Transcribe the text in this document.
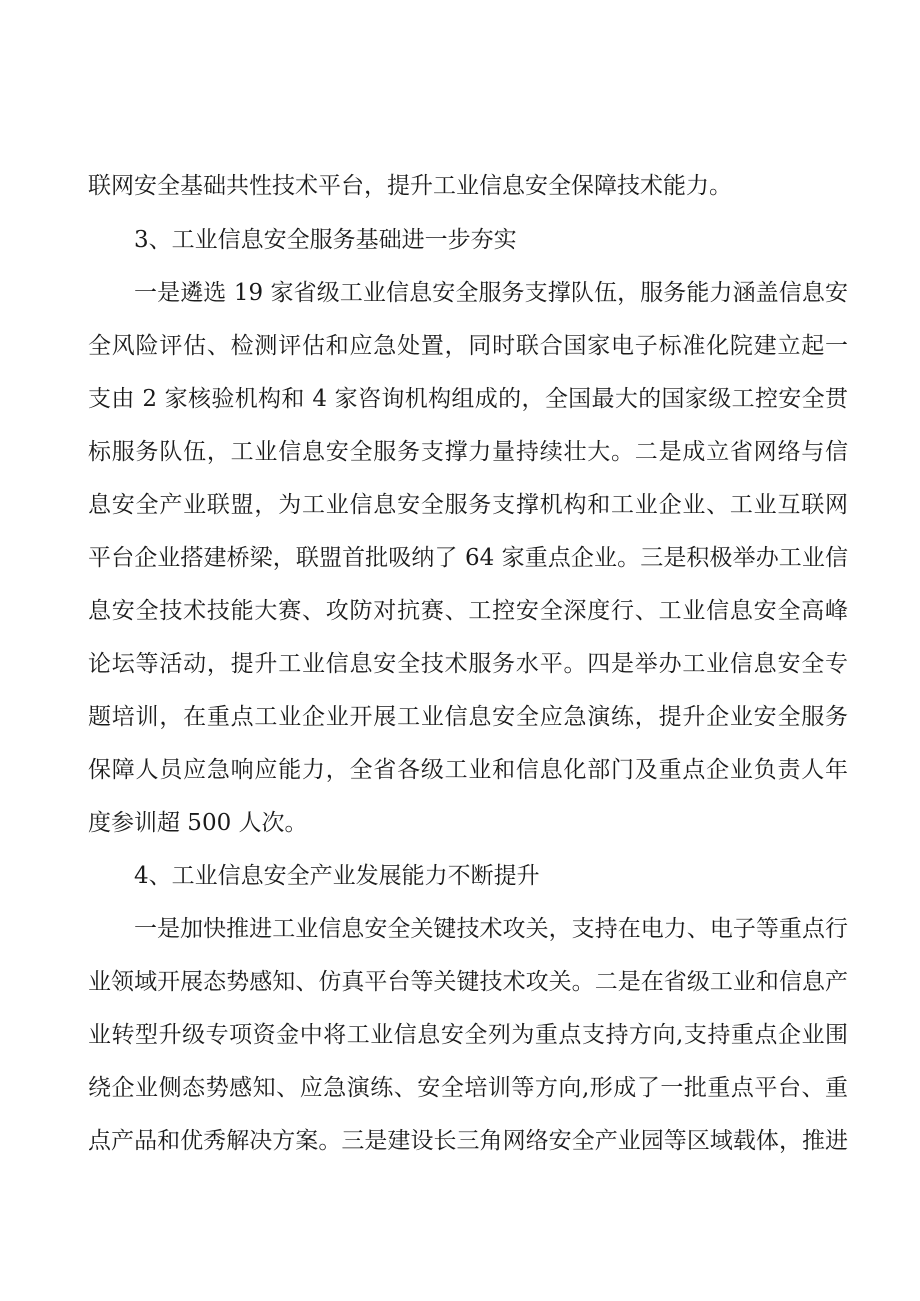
联网安全基础共性技术平台，提升工业信息安全保障技术能力。
3、工业信息安全服务基础进一步夯实
一是遴选 19 家省级工业信息安全服务支撑队伍，服务能力涵盖信息安
全风险评估、检测评估和应急处置，同时联合国家电子标准化院建立起一
支由 2 家核验机构和 4 家咨询机构组成的，全国最大的国家级工控安全贯
标服务队伍，工业信息安全服务支撑力量持续壮大。二是成立省网络与信
息安全产业联盟，为工业信息安全服务支撑机构和工业企业、工业互联网
平台企业搭建桥梁，联盟首批吸纳了 64 家重点企业。三是积极举办工业信
息安全技术技能大赛、攻防对抗赛、工控安全深度行、工业信息安全高峰
论坛等活动，提升工业信息安全技术服务水平。四是举办工业信息安全专
题培训，在重点工业企业开展工业信息安全应急演练，提升企业安全服务
保障人员应急响应能力，全省各级工业和信息化部门及重点企业负责人年
度参训超 500 人次。
4、工业信息安全产业发展能力不断提升
一是加快推进工业信息安全关键技术攻关，支持在电力、电子等重点行
业领域开展态势感知、仿真平台等关键技术攻关。二是在省级工业和信息产
业转型升级专项资金中将工业信息安全列为重点支持方向,支持重点企业围
绕企业侧态势感知、应急演练、安全培训等方向,形成了一批重点平台、重
点产品和优秀解决方案。三是建设长三角网络安全产业园等区域载体，推进
